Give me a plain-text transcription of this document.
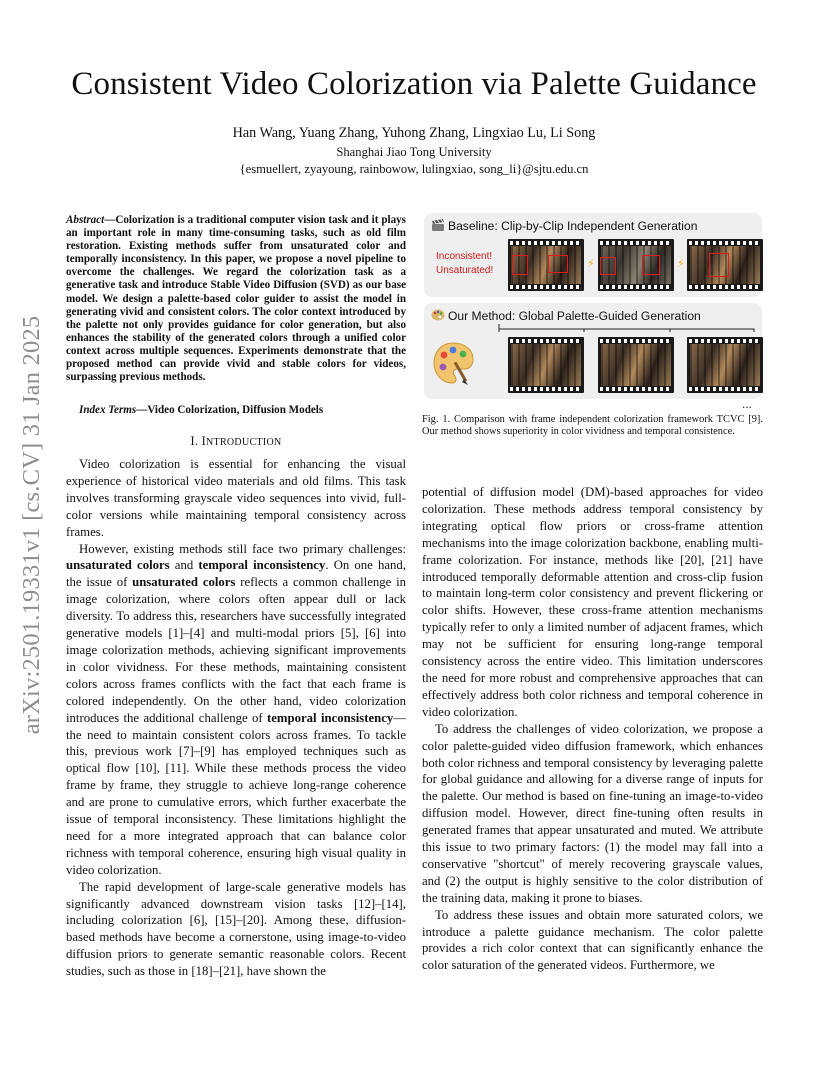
arXiv:2501.19331v1 [cs.CV] 31 Jan 2025
Consistent Video Colorization via Palette Guidance
Han Wang, Yuang Zhang, Yuhong Zhang, Lingxiao Lu, Li Song
Shanghai Jiao Tong University
{esmuellert, zyayoung, rainbowow, lulingxiao, song_li}@sjtu.edu.cn
Abstract—Colorization is a traditional computer vision task and it plays an important role in many time-consuming tasks, such as old film restoration. Existing methods suffer from unsaturated color and temporally inconsistency. In this paper, we propose a novel pipeline to overcome the challenges. We regard the colorization task as a generative task and introduce Stable Video Diffusion (SVD) as our base model. We design a palette-based color guider to assist the model in generating vivid and consistent colors. The color context introduced by the palette not only provides guidance for color generation, but also enhances the stability of the generated colors through a unified color context across multiple sequences. Experiments demonstrate that the proposed method can provide vivid and stable colors for videos, surpassing previous methods.
Index Terms—Video Colorization, Diffusion Models
I. INTRODUCTION

Video colorization is essential for enhancing the visual experience of historical video materials and old films. This task involves transforming grayscale video sequences into vivid, full-color versions while maintaining temporal consistency across frames.

However, existing methods still face two primary challenges: unsaturated colors and temporal inconsistency. On one hand, the issue of unsaturated colors reflects a common challenge in image colorization, where colors often appear dull or lack diversity. To address this, researchers have successfully integrated generative models [1]–[4] and multi-modal priors [5], [6] into image colorization methods, achieving significant improvements in color vividness. For these methods, maintaining consistent colors across frames conflicts with the fact that each frame is colored independently. On the other hand, video colorization introduces the additional challenge of temporal inconsistency—the need to maintain consistent colors across frames. To tackle this, previous work [7]–[9] has employed techniques such as optical flow [10], [11]. While these methods process the video frame by frame, they struggle to achieve long-range coherence and are prone to cumulative errors, which further exacerbate the issue of temporal inconsistency. These limitations highlight the need for a more integrated approach that can balance color richness with temporal coherence, ensuring high visual quality in video colorization.

The rapid development of large-scale generative models has significantly advanced downstream vision tasks [12]–[14], including colorization [6], [15]–[20]. Among these, diffusion-based methods have become a cornerstone, using image-to-video diffusion priors to generate semantic reasonable colors. Recent studies, such as those in [18]–[21], have shown the

Baseline: Clip-by-Clip Independent Generation
Inconsistent!
Unsaturated!
⚡	⚡
Our Method: Global Palette-Guided Generation
...
Fig. 1. Comparison with frame independent colorization framework TCVC [9]. Our method shows superiority in color vividness and temporal consistence.

potential of diffusion model (DM)-based approaches for video colorization. These methods address temporal consistency by integrating optical flow priors or cross-frame attention mechanisms into the image colorization backbone, enabling multi-frame colorization. For instance, methods like [20], [21] have introduced temporally deformable attention and cross-clip fusion to maintain long-term color consistency and prevent flickering or color shifts. However, these cross-frame attention mechanisms typically refer to only a limited number of adjacent frames, which may not be sufficient for ensuring long-range temporal consistency across the entire video. This limitation underscores the need for more robust and comprehensive approaches that can effectively address both color richness and temporal coherence in video colorization.

To address the challenges of video colorization, we propose a color palette-guided video diffusion framework, which enhances both color richness and temporal consistency by leveraging palette for global guidance and allowing for a diverse range of inputs for the palette. Our method is based on fine-tuning an image-to-video diffusion model. However, direct fine-tuning often results in generated frames that appear unsaturated and muted. We attribute this issue to two primary factors: (1) the model may fall into a conservative "shortcut" of merely recovering grayscale values, and (2) the output is highly sensitive to the color distribution of the training data, making it prone to biases.

To address these issues and obtain more saturated colors, we introduce a palette guidance mechanism. The color palette provides a rich color context that can significantly enhance the color saturation of the generated videos. Furthermore, we
